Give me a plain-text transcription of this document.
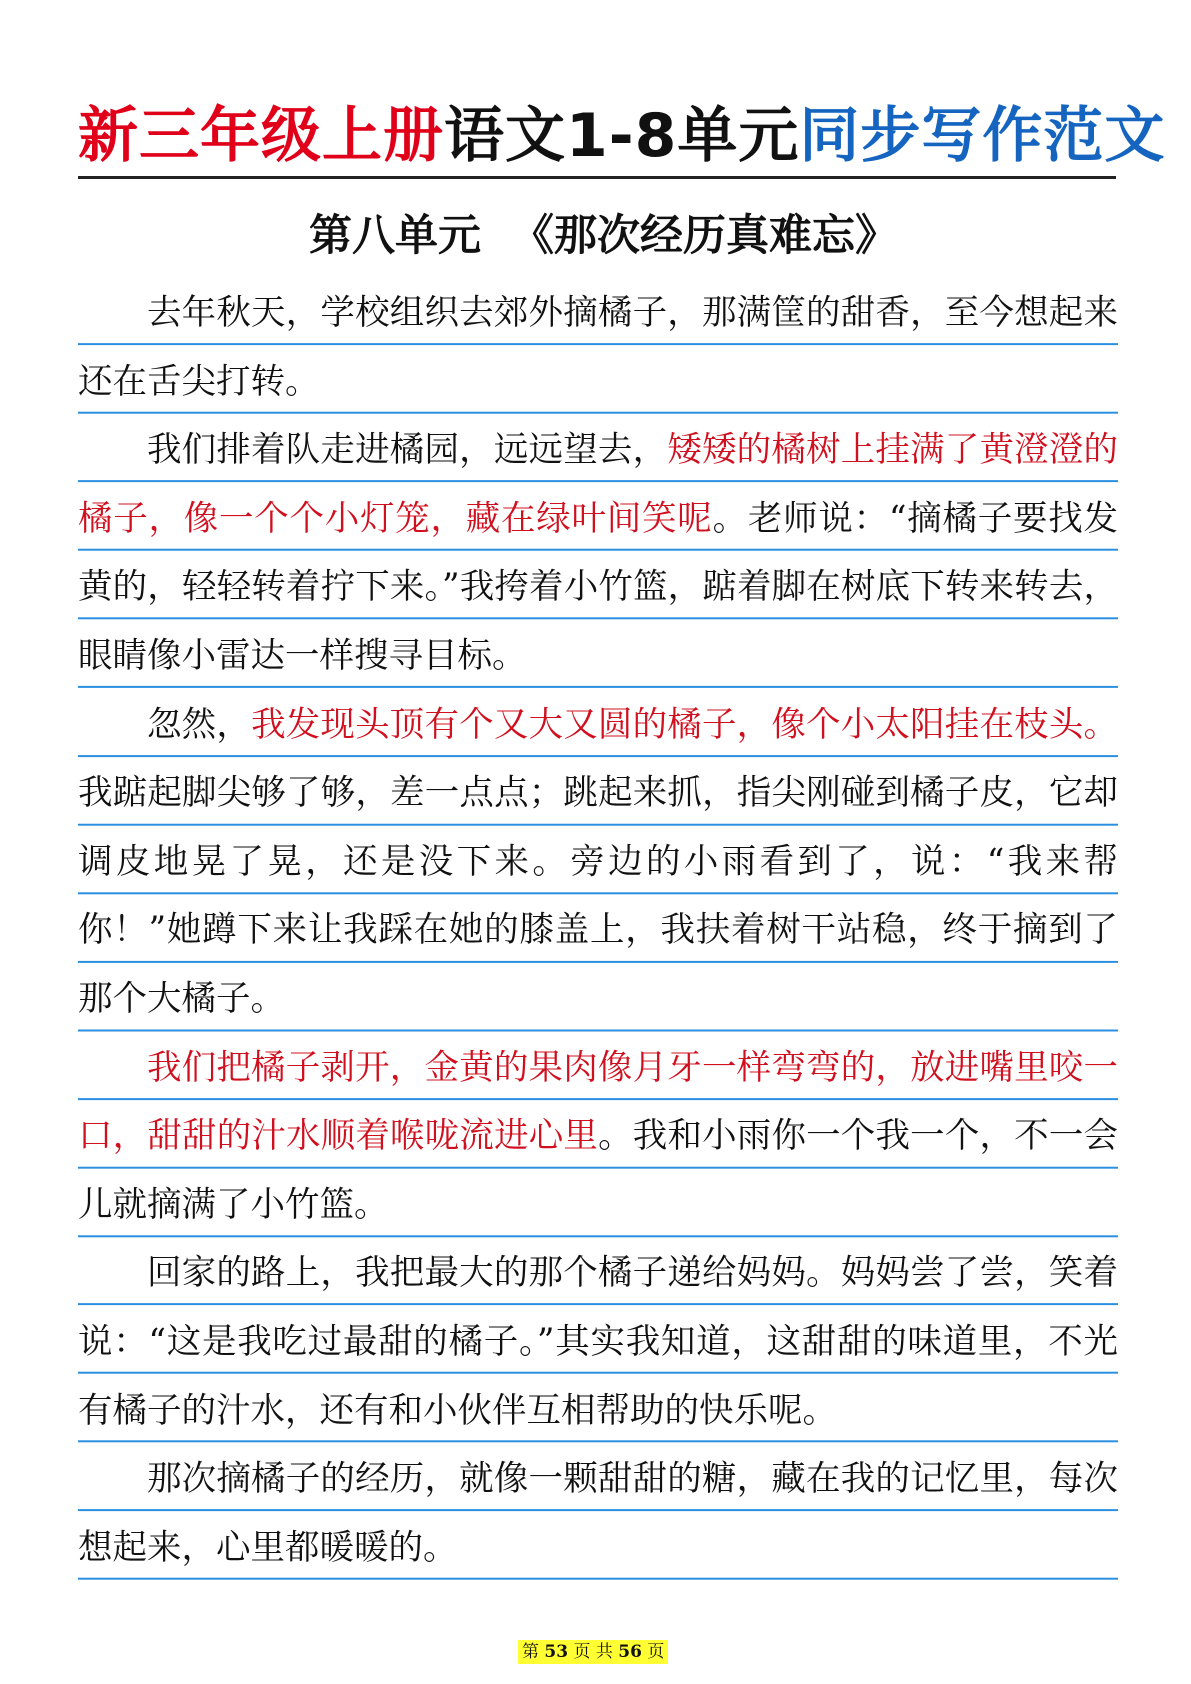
新三年级上册语文1-8单元同步写作范文
第八单元  《那次经历真难忘》

去年秋天，学校组织去郊外摘橘子，那满筐的甜香，至今想起来还在舌尖打转。

我们排着队走进橘园，远远望去，矮矮的橘树上挂满了黄澄澄的橘子，像一个个小灯笼，藏在绿叶间笑呢。老师说：“摘橘子要找发黄的，轻轻转着拧下来。”我挎着小竹篮，踮着脚在树底下转来转去，眼睛像小雷达一样搜寻目标。

忽然，我发现头顶有个又大又圆的橘子，像个小太阳挂在枝头。我踮起脚尖够了够，差一点点；跳起来抓，指尖刚碰到橘子皮，它却调皮地晃了晃，还是没下来。旁边的小雨看到了，说：“我来帮你！”她蹲下来让我踩在她的膝盖上，我扶着树干站稳，终于摘到了那个大橘子。

我们把橘子剥开，金黄的果肉像月牙一样弯弯的，放进嘴里咬一口，甜甜的汁水顺着喉咙流进心里。我和小雨你一个我一个，不一会儿就摘满了小竹篮。

回家的路上，我把最大的那个橘子递给妈妈。妈妈尝了尝，笑着说：“这是我吃过最甜的橘子。”其实我知道，这甜甜的味道里，不光有橘子的汁水，还有和小伙伴互相帮助的快乐呢。

那次摘橘子的经历，就像一颗甜甜的糖，藏在我的记忆里，每次想起来，心里都暖暖的。

第 53 页 共 56 页
